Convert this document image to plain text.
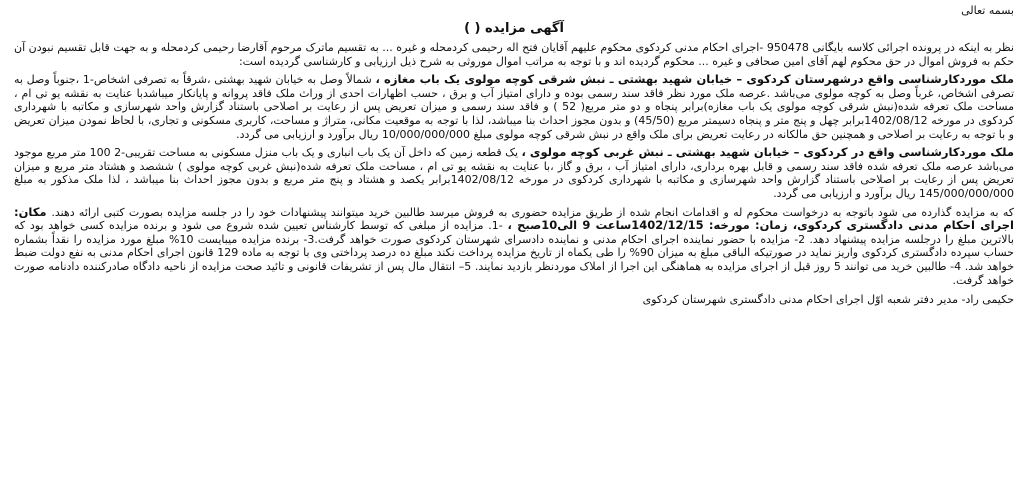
بسمه تعالی
آگهی مزایده ( )

نظر به اینکه در پرونده اجرائی کلاسه بایگانی 950478 -اجرای احکام مدنی کردکوی محکوم علیهم آقایان فتح اله رحیمی کردمحله و غیره ... به تقسیم ماترک مرحوم آقارضا رحیمی کردمحله و به جهت قابل تقسیم نبودن آن حکم به فروش اموال در حق محکوم لهم آقای امین صحافی و غیره ... محکوم گردیده اند و با توجه به مراتب اموال موروثی به شرح ذیل ارزیابی و کارشناسی گردیده است:

ملک موردکارشناسی واقع درشهرستان کردکوی – خیابان شهید بهشتی ـ نبش شرقی کوچه مولوی یک باب مغازه ، شمالاً وصل به خیابان شهید بهشتی ،شرقاً به تصرفی اشخاص-1 ،جنوباً وصل به تصرفی اشخاص، غرباً وصل به کوچه مولوی می‌باشد .عرصه ملک مورد نظر فاقد سند رسمی بوده و دارای امتیاز آب و برق ، حسب اظهارات احدی از وراث ملک فاقد پروانه و پایانکار میباشدبا عنایت به نقشه یو تی ام ، مساحت ملک تعرفه شده(نبش شرقی کوچه مولوی یک باب مغازه)برابر پنجاه و دو متر مربع( 52 ) و فاقد سند رسمی و میزان تعریض پس از رعایت بر اصلاحی باستناد گزارش واحد شهرسازی و مکاتبه با شهرداری کردکوی در مورخه 1402/08/12برابر چهل و پنج متر و پنجاه دسیمتر مربع (45/50) و بدون مجوز احداث بنا میباشد، لذا با توجه به موقعیت مکانی، متراژ و مساحت، کاربری مسکونی و تجاری، با لحاظ نمودن میزان تعریض و با توجه به رعایت بر اصلاحی و همچنین حق مالکانه در رعایت تعریض برای ملک واقع در نبش شرقی کوچه مولوی مبلغ 10/000/000/000 ریال برآورد و ارزیابی می گردد.

ملک موردکارشناسی واقع در کردکوی – خیابان شهید بهشتی ـ نبش غربی کوچه مولوی ، یک قطعه زمین که داخل آن یک باب انباری و یک باب منزل مسکونی به مساحت تقریبی-2 100 متر مربع موجود می‌باشد عرصه ملک تعرفه شده فاقد سند رسمی و قابل بهره برداری، دارای امتیاز آب ، برق و گاز ،با عنایت به نقشه یو تی ام ، مساحت ملک تعرفه شده(نبش غربی کوچه مولوی ) ششصد و هشتاد متر مربع و میزان تعریض پس از رعایت بر اصلاحی باستناد گزارش واحد شهرسازی و مکاتبه با شهرداری کردکوی در مورخه 1402/08/12برابر یکصد و هشتاد و پنج متر مربع و بدون مجوز احداث بنا میباشد ، لذا ملک مذکور به مبلغ 145/000/000/000 ریال برآورد و ارزیابی می گردد.

که به مزایده گذارده می شود باتوجه به درخواست محکوم له و اقدامات انجام شده از طریق مزایده حضوری به فروش میرسد طالبین خرید میتوانند پیشنهادات خود را در جلسه مزایده بصورت کتبی ارائه دهند. مکان: اجرای احکام مدنی دادگستری کردکوی، زمان: مورخه: 1402/12/15ساعت 9 الی10صبح ، -1. مزایده از مبلغی که توسط کارشناس تعیین شده شروع می شود و برنده مزایده کسی خواهد بود که بالاترین مبلغ را درجلسه مزایده پیشنهاد دهد. 2- مزایده با حضور نماینده اجرای احکام مدنی و نماینده دادسرای شهرستان کردکوی صورت خواهد گرفت.3- برنده مزایده میبایست 10% مبلغ مورد مزایده را نقداً بشماره حساب سپرده دادگستری کردکوی واریز نماید در صورتیکه الباقی مبلغ به میزان 90% را طی یکماه از تاریخ مزایده پرداخت نکند مبلغ ده درصد پرداختی وی با توجه به ماده 129 قانون اجرای احکام مدنی به نفع دولت ضبط خواهد شد. 4- طالبین خرید می توانند 5 روز قبل از اجرای مزایده به هماهنگی این اجرا از املاک موردنظر بازدید نمایند. 5– انتقال مال پس از تشریفات قانونی و تائید صحت مزایده از ناحیه دادگاه صادرکننده دادنامه صورت خواهد گرفت.

حکیمی راد- مدیر دفتر شعبه اوّل اجرای احکام مدنی دادگستری شهرستان کردکوی
